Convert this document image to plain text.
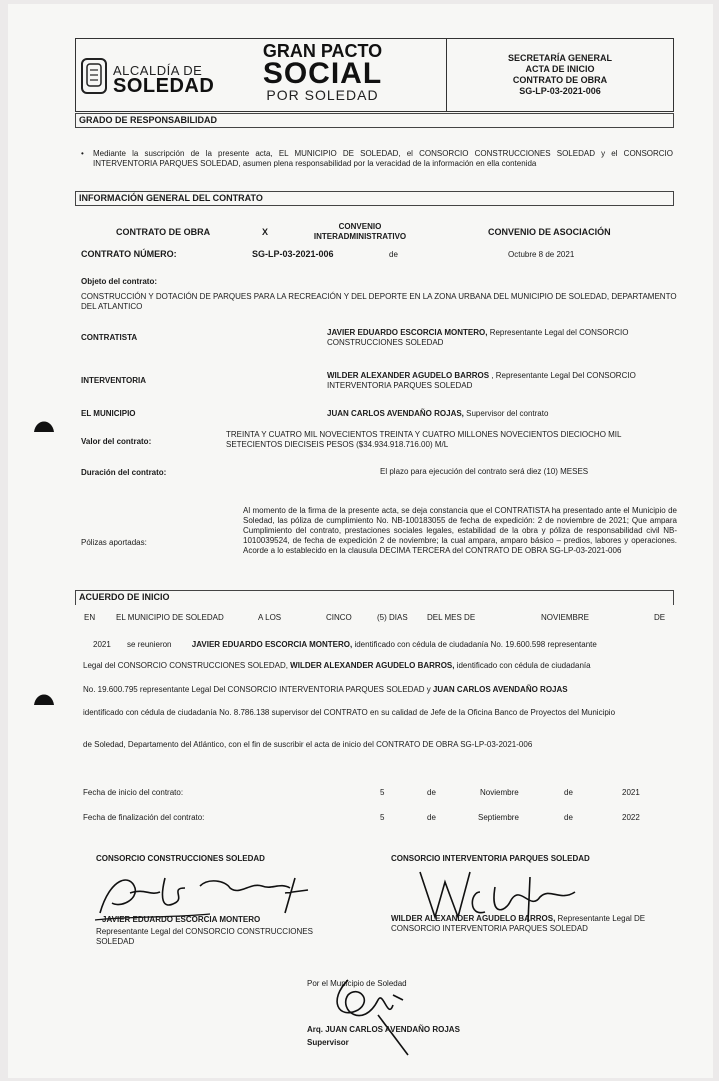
ALCALDÍA DE
SOLEDAD
GRAN PACTO
SOCIAL
POR SOLEDAD
SECRETARÍA GENERAL
ACTA DE INICIO
CONTRATO DE OBRA
SG-LP-03-2021-006
GRADO DE RESPONSABILIDAD
• Mediante la suscripción de la presente acta, EL MUNICIPIO DE SOLEDAD, el CONSORCIO CONSTRUCCIONES SOLEDAD y el CONSORCIO INTERVENTORIA PARQUES SOLEDAD, asumen plena responsabilidad por la veracidad de la información en ella contenida
INFORMACIÓN GENERAL DEL CONTRATO
CONTRATO DE OBRA	X
CONVENIO
INTERADMINISTRATIVO	CONVENIO DE ASOCIACIÓN
CONTRATO NÚMERO:	SG-LP-03-2021-006	de	Octubre 8 de 2021
Objeto del contrato:
CONSTRUCCIÓN Y DOTACIÓN DE PARQUES PARA LA RECREACIÓN Y DEL DEPORTE EN LA ZONA URBANA DEL MUNICIPIO DE SOLEDAD, DEPARTAMENTO DEL ATLANTICO
CONTRATISTA
JAVIER EDUARDO ESCORCIA MONTERO, Representante Legal del CONSORCIO CONSTRUCCIONES SOLEDAD
INTERVENTORIA
WILDER ALEXANDER AGUDELO BARROS , Representante Legal Del CONSORCIO INTERVENTORIA PARQUES SOLEDAD
EL MUNICIPIO	JUAN CARLOS AVENDAÑO ROJAS, Supervisor del contrato
Valor del contrato:
TREINTA Y CUATRO MIL NOVECIENTOS TREINTA Y CUATRO MILLONES NOVECIENTOS DIECIOCHO MIL SETECIENTOS DIECISEIS PESOS ($34.934.918.716.00) M/L
Duración del contrato:	El plazo para ejecución del contrato será diez (10) MESES
Pólizas aportadas:
Al momento de la firma de la presente acta, se deja constancia que el CONTRATISTA ha presentado ante el Municipio de Soledad, las póliza de cumplimiento No. NB-100183055 de fecha de expedición: 2 de noviembre de 2021; Que ampara Cumplimiento del contrato, prestaciones sociales legales, estabilidad de la obra y póliza de responsabilidad civil NB- 1010039524, de fecha de expedición 2 de noviembre; la cual ampara, amparo básico – predios, labores y operaciones. Acorde a lo establecido en la clausula DECIMA TERCERA del CONTRATO DE OBRA SG-LP-03-2021-006
ACUERDO DE INICIO
EN	EL MUNICIPIO DE SOLEDAD	A LOS	CINCO	(5) DIAS DEL MES DE	NOVIEMBRE	DE
2021 se reunieron	JAVIER EDUARDO ESCORCIA MONTERO, identificado con cédula de ciudadanía No. 19.600.598 representante
Legal del CONSORCIO CONSTRUCCIONES SOLEDAD, WILDER ALEXANDER AGUDELO BARROS, identificado con cédula de ciudadanía
No. 19.600.795 representante Legal Del CONSORCIO INTERVENTORIA PARQUES SOLEDAD y JUAN CARLOS AVENDAÑO ROJAS
identificado con cédula de ciudadanía No. 8.786.138 supervisor del CONTRATO en su calidad de Jefe de la Oficina Banco de Proyectos del Municipio
de Soledad, Departamento del Atlántico, con el fin de suscribir el acta de inicio del CONTRATO DE OBRA SG-LP-03-2021-006
Fecha de inicio del contrato:	5	de	Noviembre	de	2021
Fecha de finalización del contrato:	5	de	Septiembre	de	2022
CONSORCIO CONSTRUCCIONES SOLEDAD	CONSORCIO INTERVENTORIA PARQUES SOLEDAD
JAVIER EDUARDO ESCORCIA MONTERO
Representante Legal del CONSORCIO CONSTRUCCIONES SOLEDAD
WILDER ALEXANDER AGUDELO BARROS, Representante Legal DE CONSORCIO INTERVENTORIA PARQUES SOLEDAD
Por el Municipio de Soledad
Arq. JUAN CARLOS AVENDAÑO ROJAS
Supervisor
